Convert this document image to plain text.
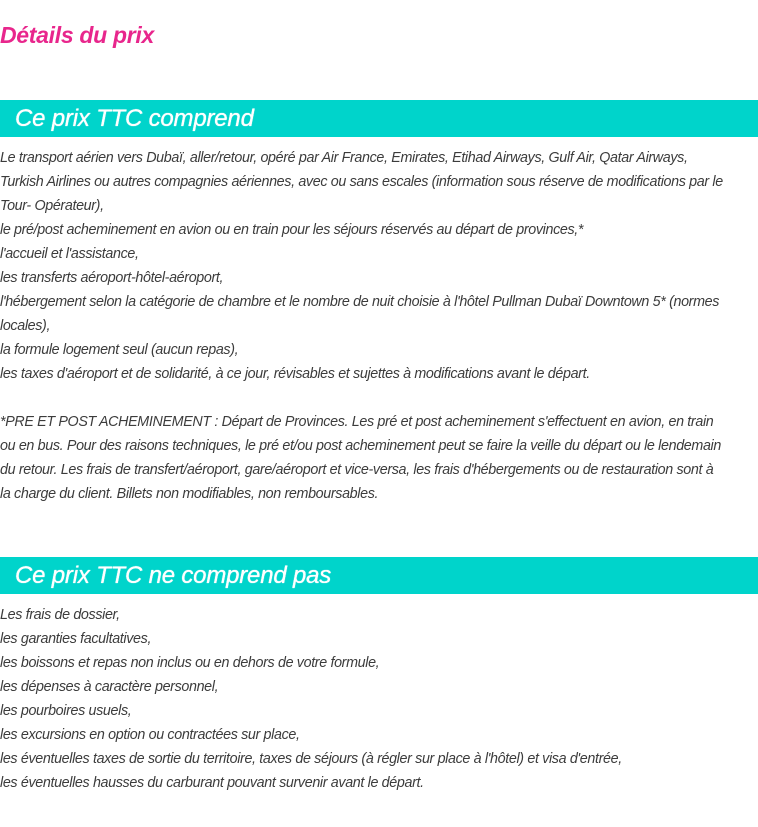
Détails du prix
Ce prix TTC comprend
Le transport aérien vers Dubaï, aller/retour, opéré par Air France, Emirates, Etihad Airways, Gulf Air, Qatar Airways,
Turkish Airlines ou autres compagnies aériennes, avec ou sans escales (information sous réserve de modifications par le
Tour- Opérateur),
le pré/post acheminement en avion ou en train pour les séjours réservés au départ de provinces,*
l'accueil et l'assistance,
les transferts aéroport-hôtel-aéroport,
l'hébergement selon la catégorie de chambre et le nombre de nuit choisie à l'hôtel Pullman Dubaï Downtown 5* (normes
locales),
la formule logement seul (aucun repas),
les taxes d'aéroport et de solidarité, à ce jour, révisables et sujettes à modifications avant le départ.
*PRE ET POST ACHEMINEMENT : Départ de Provinces. Les pré et post acheminement s'effectuent en avion, en train
ou en bus. Pour des raisons techniques, le pré et/ou post acheminement peut se faire la veille du départ ou le lendemain
du retour. Les frais de transfert/aéroport, gare/aéroport et vice-versa, les frais d'hébergements ou de restauration sont à
la charge du client. Billets non modifiables, non remboursables.
Ce prix TTC ne comprend pas
Les frais de dossier,
les garanties facultatives,
les boissons et repas non inclus ou en dehors de votre formule,
les dépenses à caractère personnel,
les pourboires usuels,
les excursions en option ou contractées sur place,
les éventuelles taxes de sortie du territoire, taxes de séjours (à régler sur place à l'hôtel) et visa d'entrée,
les éventuelles hausses du carburant pouvant survenir avant le départ.
